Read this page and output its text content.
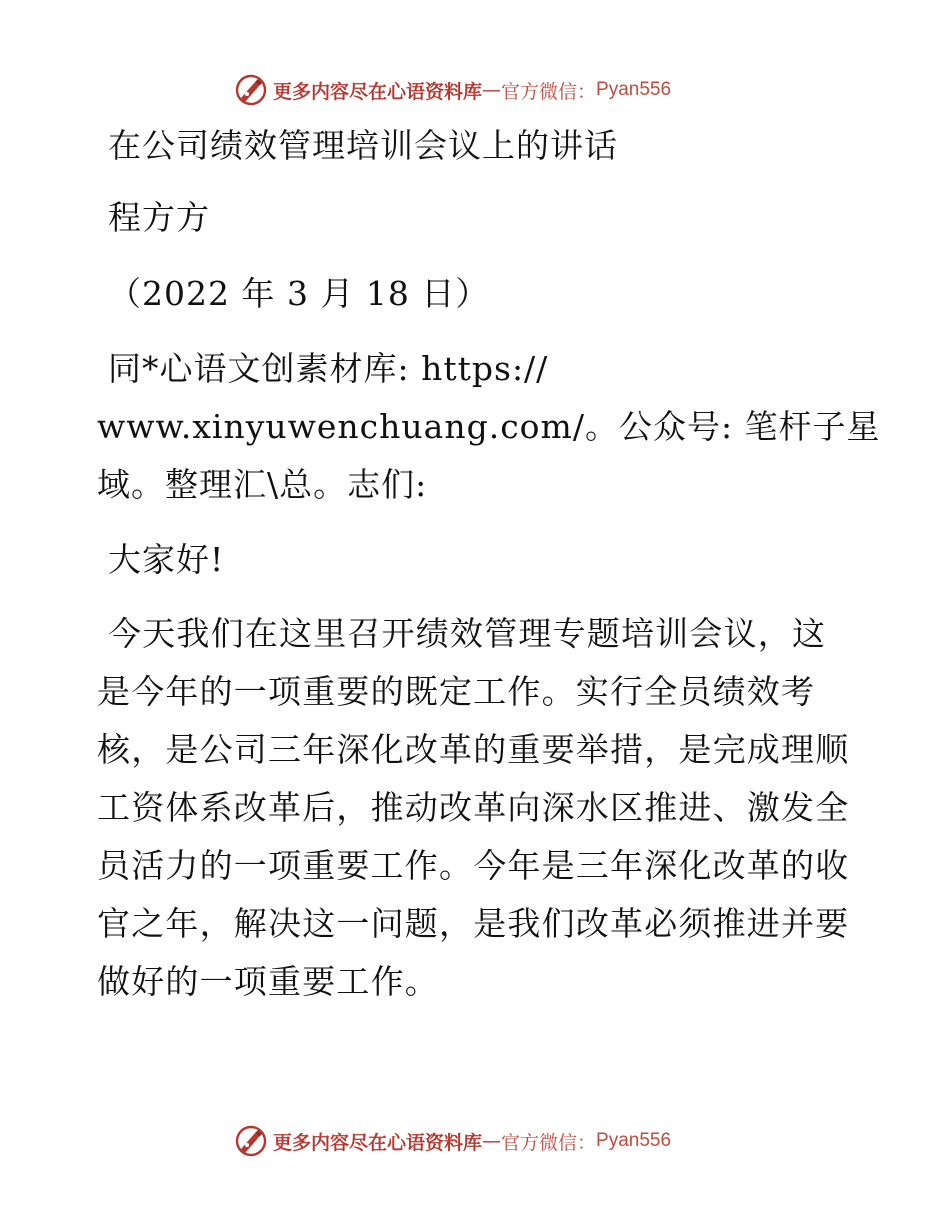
更多内容尽在心语资料库 — 官方微信： Pyan556
在公司绩效管理培训会议上的讲话
程方方
（2022 年 3 月 18 日）
同*心语文创素材库: https://
www.xinyuwenchuang.com/。公众号: 笔杆子星
域。整理汇\总。志们:
大家好!
今天我们在这里召开绩效管理专题培训会议，这是今年的一项重要的既定工作。实行全员绩效考核，是公司三年深化改革的重要举措，是完成理顺工资体系改革后，推动改革向深水区推进、激发全员活力的一项重要工作。今年是三年深化改革的收官之年，解决这一问题，是我们改革必须推进并要做好的一项重要工作。
更多内容尽在心语资料库 — 官方微信： Pyan556
